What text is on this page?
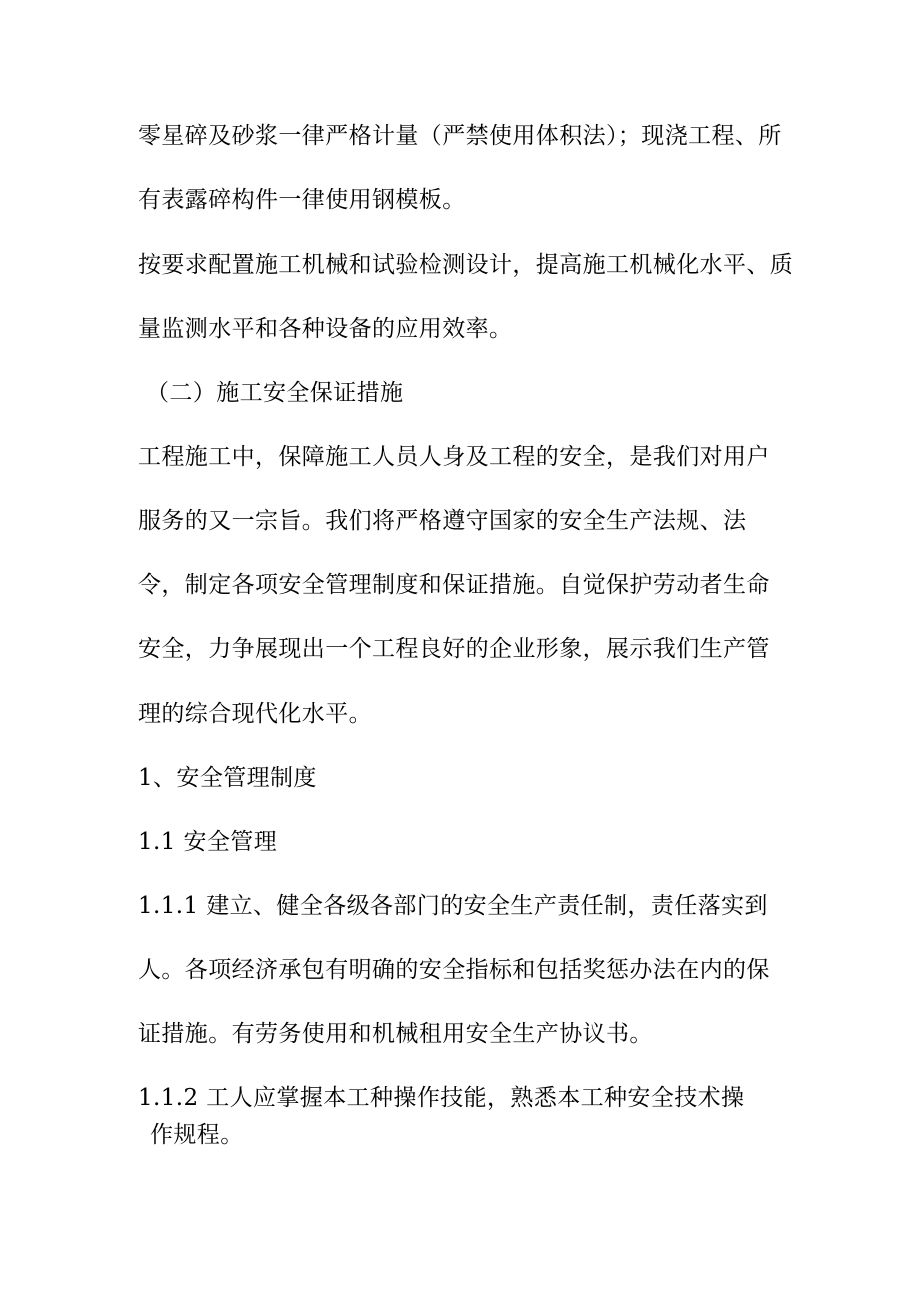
零星碎及砂浆一律严格计量（严禁使用体积法）；现浇工程、所
有表露碎构件一律使用钢模板。
按要求配置施工机械和试验检测设计，提高施工机械化水平、质
量监测水平和各种设备的应用效率。
（二）施工安全保证措施
工程施工中，保障施工人员人身及工程的安全，是我们对用户
服务的又一宗旨。我们将严格遵守国家的安全生产法规、法
令，制定各项安全管理制度和保证措施。自觉保护劳动者生命
安全，力争展现出一个工程良好的企业形象，展示我们生产管
理的综合现代化水平。
1、安全管理制度
1.1 安全管理
1.1.1 建立、健全各级各部门的安全生产责任制，责任落实到
人。各项经济承包有明确的安全指标和包括奖惩办法在内的保
证措施。有劳务使用和机械租用安全生产协议书。
1.1.2 工人应掌握本工种操作技能，熟悉本工种安全技术操
作规程。
